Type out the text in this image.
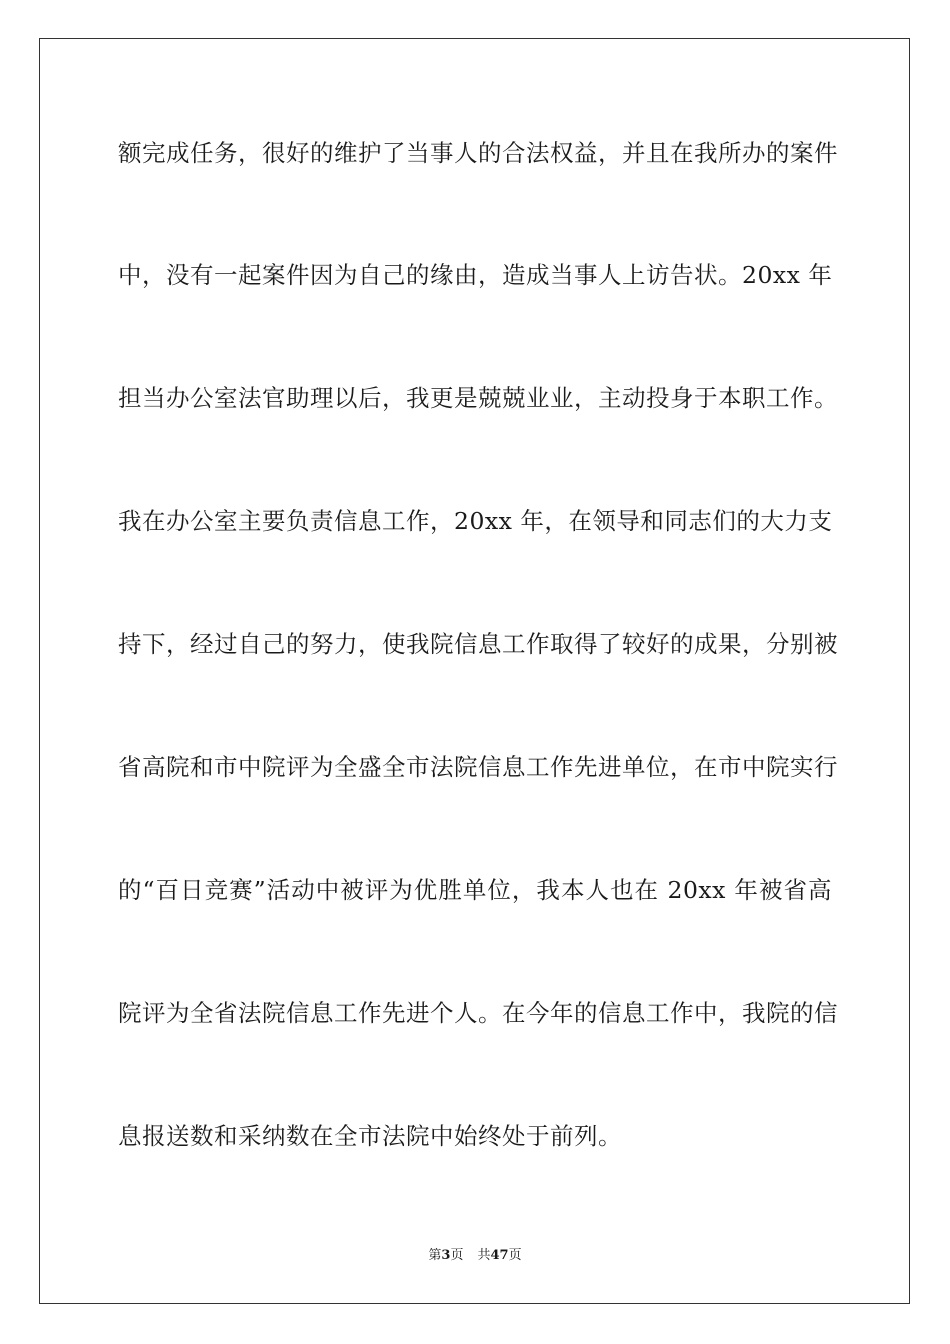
额完成任务，很好的维护了当事人的合法权益，并且在我所办的案件
中，没有一起案件因为自己的缘由，造成当事人上访告状。20xx 年
担当办公室法官助理以后，我更是兢兢业业，主动投身于本职工作。
我在办公室主要负责信息工作，20xx 年，在领导和同志们的大力支
持下，经过自己的努力，使我院信息工作取得了较好的成果，分别被
省高院和市中院评为全盛全市法院信息工作先进单位，在市中院实行
的“百日竞赛”活动中被评为优胜单位，我本人也在 20xx 年被省高
院评为全省法院信息工作先进个人。在今年的信息工作中，我院的信
息报送数和采纳数在全市法院中始终处于前列。
第3页 共47页
